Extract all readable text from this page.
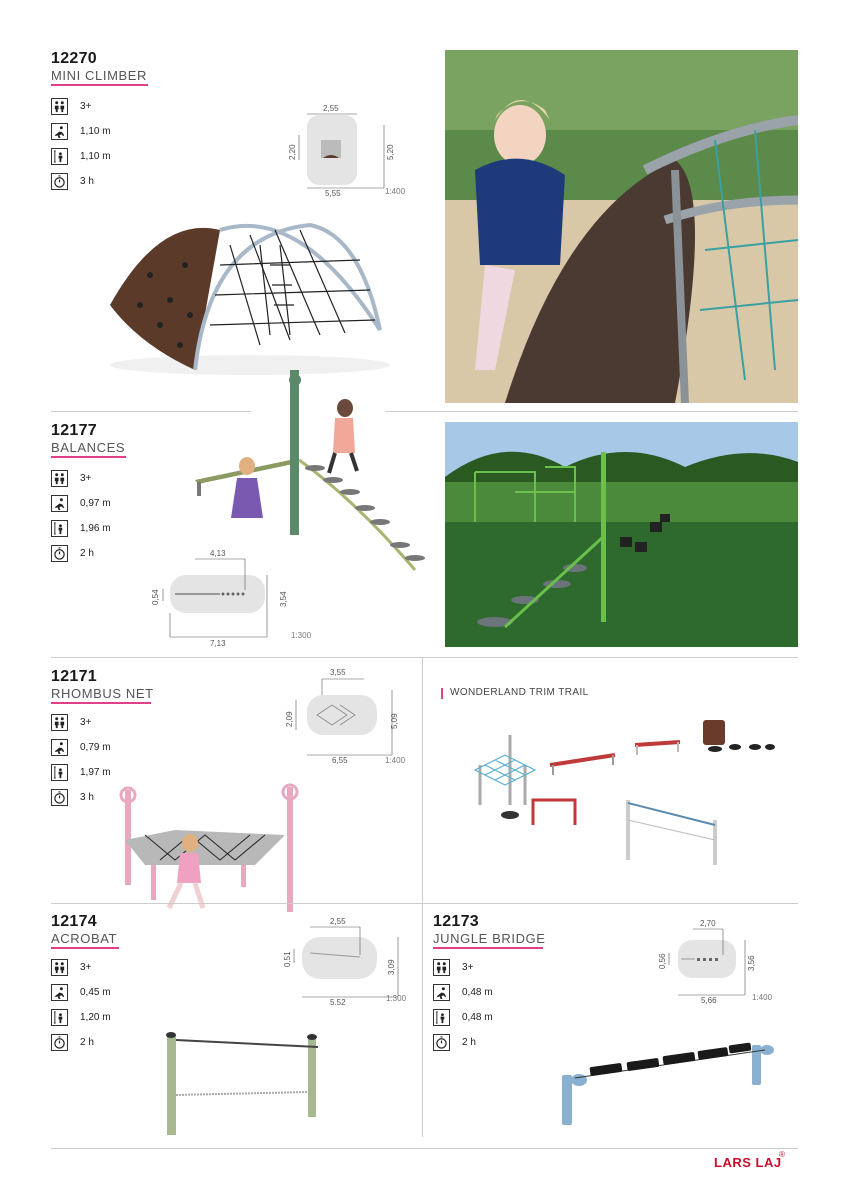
12270
MINI CLIMBER
3+
1,10 m
1,10 m
3 h
2,55
5,55
2,20	5,20
1:400
12177
BALANCES
3+
0,97 m
1,96 m
2 h	4,13
7,13
0,54	3,54
1:300
12171
RHOMBUS NET
3+
0,79 m
1,97 m
3 h
3,55
6,55
2,09	5,09
1:400
WONDERLAND TRIM TRAIL
12174
ACROBAT
3+
0,45 m
1,20 m
2 h
2,55
5,52
0,51
3,09
1:300
12173
JUNGLE BRIDGE
3+
0,48 m
0,48 m
2 h
2,70
5,66
0,56	3,56
1:400
LARS LAJ
®
